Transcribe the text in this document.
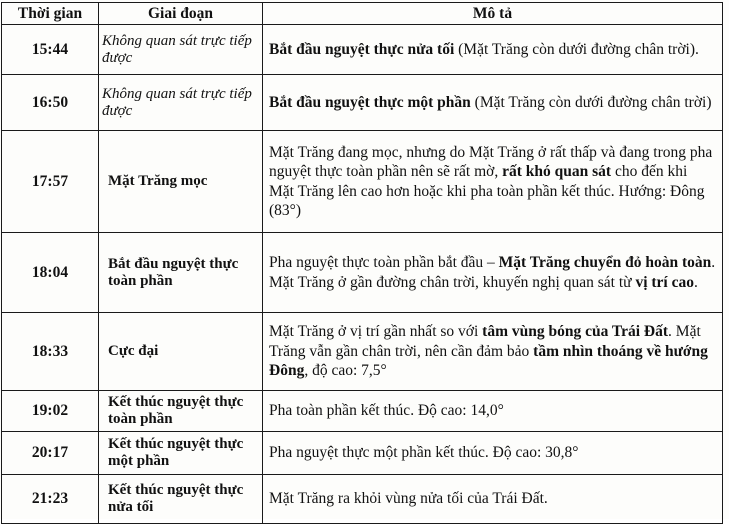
Thời gian	Giai đoạn	Mô tả
15:44	Không quan sát trực tiếp được	Bắt đầu nguyệt thực nửa tối (Mặt Trăng còn dưới đường chân trời).
16:50	Không quan sát trực tiếp được	Bắt đầu nguyệt thực một phần (Mặt Trăng còn dưới đường chân trời)
17:57	Mặt Trăng mọc	Mặt Trăng đang mọc, nhưng do Mặt Trăng ở rất thấp và đang trong pha nguyệt thực toàn phần nên sẽ rất mờ, rất khó quan sát cho đến khi Mặt Trăng lên cao hơn hoặc khi pha toàn phần kết thúc. Hướng: Đông (83°)
18:04	Bắt đầu nguyệt thực toàn phần	Pha nguyệt thực toàn phần bắt đầu – Mặt Trăng chuyển đỏ hoàn toàn. Mặt Trăng ở gần đường chân trời, khuyến nghị quan sát từ vị trí cao.
18:33	Cực đại	Mặt Trăng ở vị trí gần nhất so với tâm vùng bóng của Trái Đất. Mặt Trăng vẫn gần chân trời, nên cần đảm bảo tầm nhìn thoáng về hướng Đông, độ cao: 7,5°
19:02	Kết thúc nguyệt thực toàn phần	Pha toàn phần kết thúc. Độ cao: 14,0°
20:17	Kết thúc nguyệt thực một phần	Pha nguyệt thực một phần kết thúc. Độ cao: 30,8°
21:23	Kết thúc nguyệt thực nửa tối	Mặt Trăng ra khỏi vùng nửa tối của Trái Đất.
